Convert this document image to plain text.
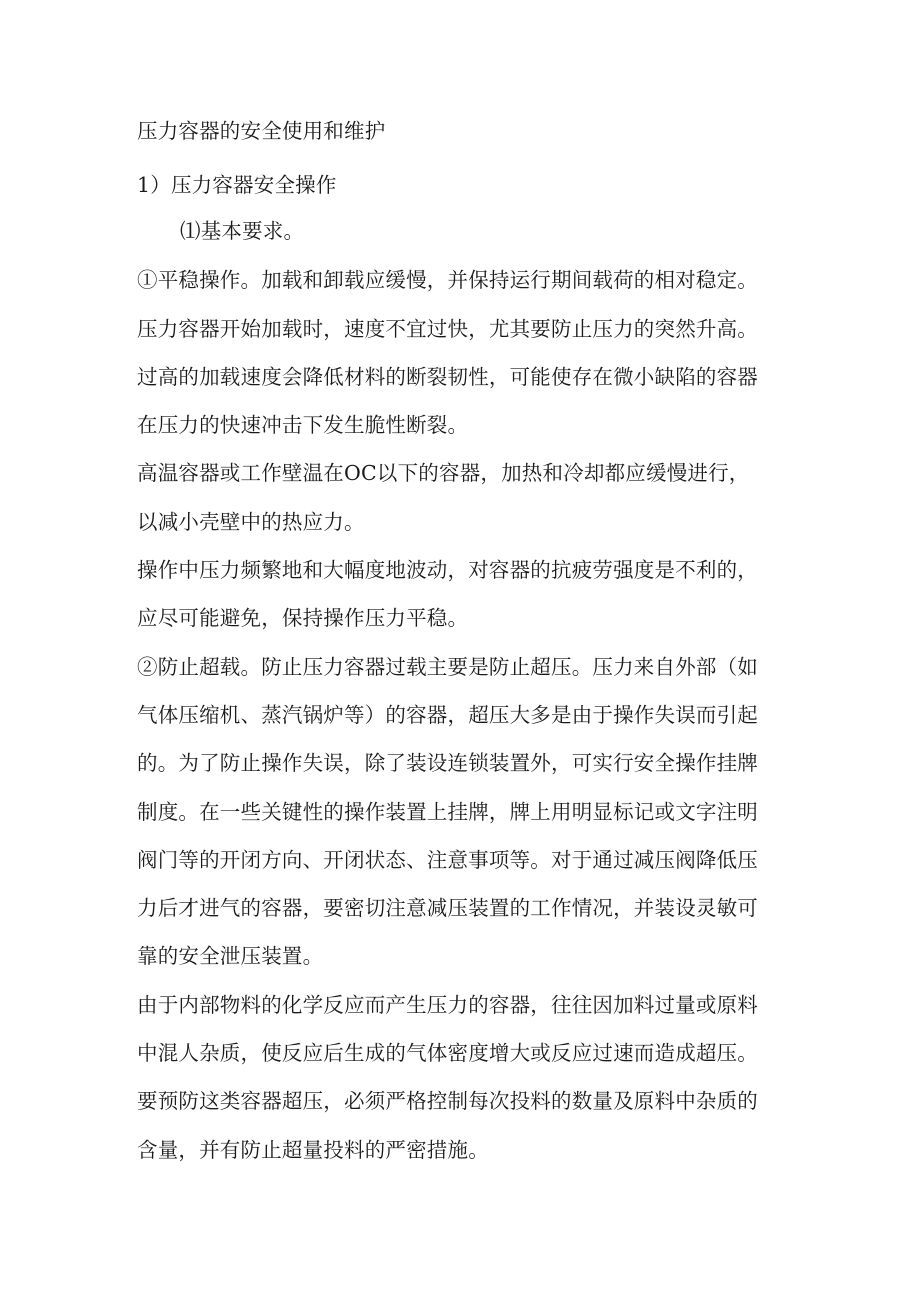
压力容器的安全使用和维护
1）压力容器安全操作
⑴基本要求。
①平稳操作。加载和卸载应缓慢，并保持运行期间载荷的相对稳定。
压力容器开始加载时，速度不宜过快，尤其要防止压力的突然升高。
过高的加载速度会降低材料的断裂韧性，可能使存在微小缺陷的容器
在压力的快速冲击下发生脆性断裂。
高温容器或工作壁温在OC以下的容器，加热和冷却都应缓慢进行，
以减小壳壁中的热应力。
操作中压力频繁地和大幅度地波动，对容器的抗疲劳强度是不利的，
应尽可能避免，保持操作压力平稳。
②防止超载。防止压力容器过载主要是防止超压。压力来自外部（如
气体压缩机、蒸汽锅炉等）的容器，超压大多是由于操作失误而引起
的。为了防止操作失误，除了装设连锁装置外，可实行安全操作挂牌
制度。在一些关键性的操作装置上挂牌，牌上用明显标记或文字注明
阀门等的开闭方向、开闭状态、注意事项等。对于通过减压阀降低压
力后才进气的容器，要密切注意减压装置的工作情况，并装设灵敏可
靠的安全泄压装置。
由于内部物料的化学反应而产生压力的容器，往往因加料过量或原料
中混人杂质，使反应后生成的气体密度增大或反应过速而造成超压。
要预防这类容器超压，必须严格控制每次投料的数量及原料中杂质的
含量，并有防止超量投料的严密措施。
